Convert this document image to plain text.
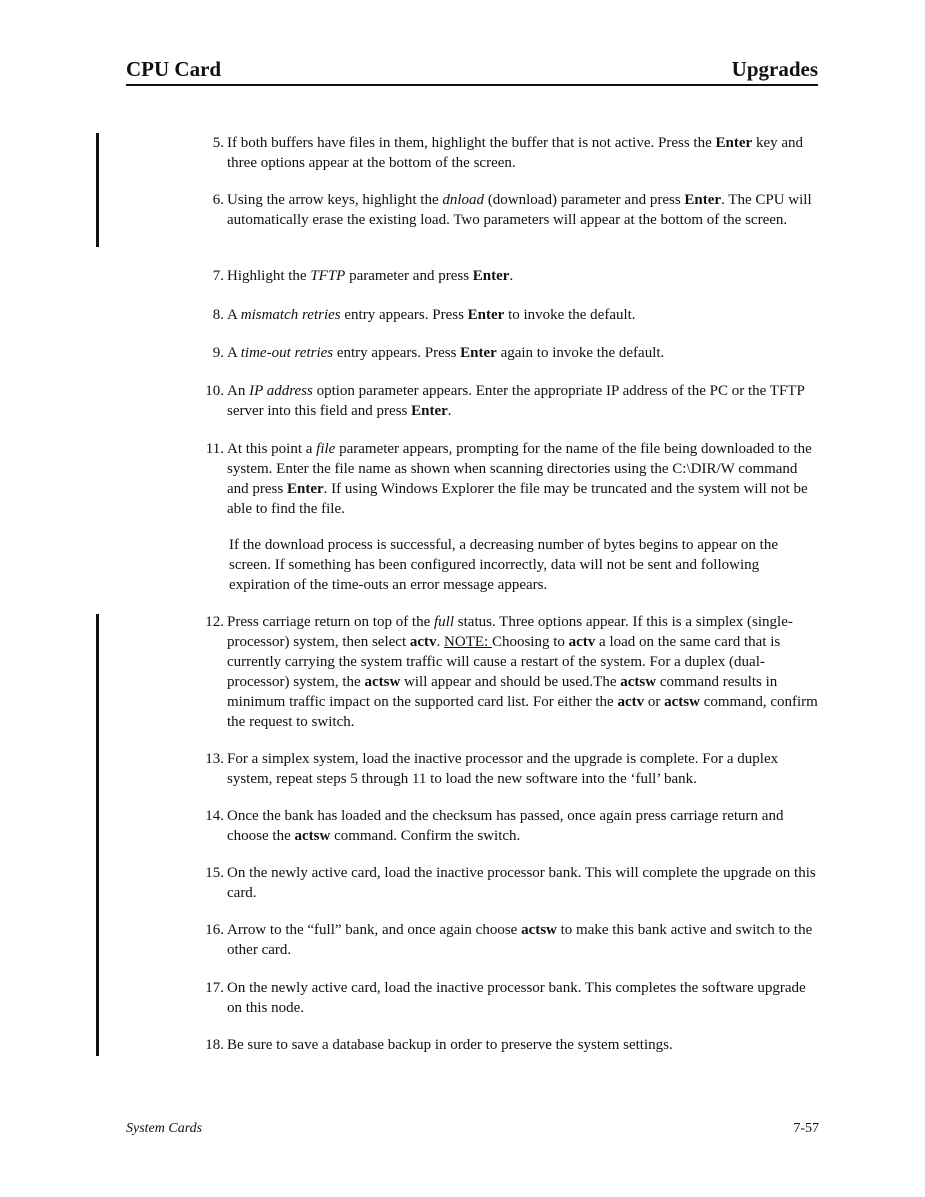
CPU Card	Upgrades
5. If both buffers have files in them, highlight the buffer that is not active. Press the Enter key and three options appear at the bottom of the screen.
6. Using the arrow keys, highlight the dnload (download) parameter and press Enter. The CPU will automatically erase the existing load. Two parameters will appear at the bottom of the screen.
7. Highlight the TFTP parameter and press Enter.
8. A mismatch retries entry appears. Press Enter to invoke the default.
9. A time-out retries entry appears. Press Enter again to invoke the default.
10. An IP address option parameter appears. Enter the appropriate IP address of the PC or the TFTP server into this field and press Enter.
11. At this point a file parameter appears, prompting for the name of the file being downloaded to the system. Enter the file name as shown when scanning directories using the C:\DIR/W command and press Enter. If using Windows Explorer the file may be truncated and the system will not be able to find the file.
If the download process is successful, a decreasing number of bytes begins to appear on the screen. If something has been configured incorrectly, data will not be sent and following expiration of the time-outs an error message appears.
12. Press carriage return on top of the full status. Three options appear. If this is a simplex (single-processor) system, then select actv. NOTE: Choosing to actv a load on the same card that is currently carrying the system traffic will cause a restart of the system. For a duplex (dual-processor) system, the actsw will appear and should be used.The actsw command results in minimum traffic impact on the supported card list. For either the actv or actsw command, confirm the request to switch.
13. For a simplex system, load the inactive processor and the upgrade is complete. For a duplex system, repeat steps 5 through 11 to load the new software into the ‘full’ bank.
14. Once the bank has loaded and the checksum has passed, once again press carriage return and choose the actsw command. Confirm the switch.
15. On the newly active card, load the inactive processor bank. This will complete the upgrade on this card.
16. Arrow to the “full” bank, and once again choose actsw to make this bank active and switch to the other card.
17. On the newly active card, load the inactive processor bank. This completes the software upgrade on this node.
18. Be sure to save a database backup in order to preserve the system settings.
System Cards	7-57
